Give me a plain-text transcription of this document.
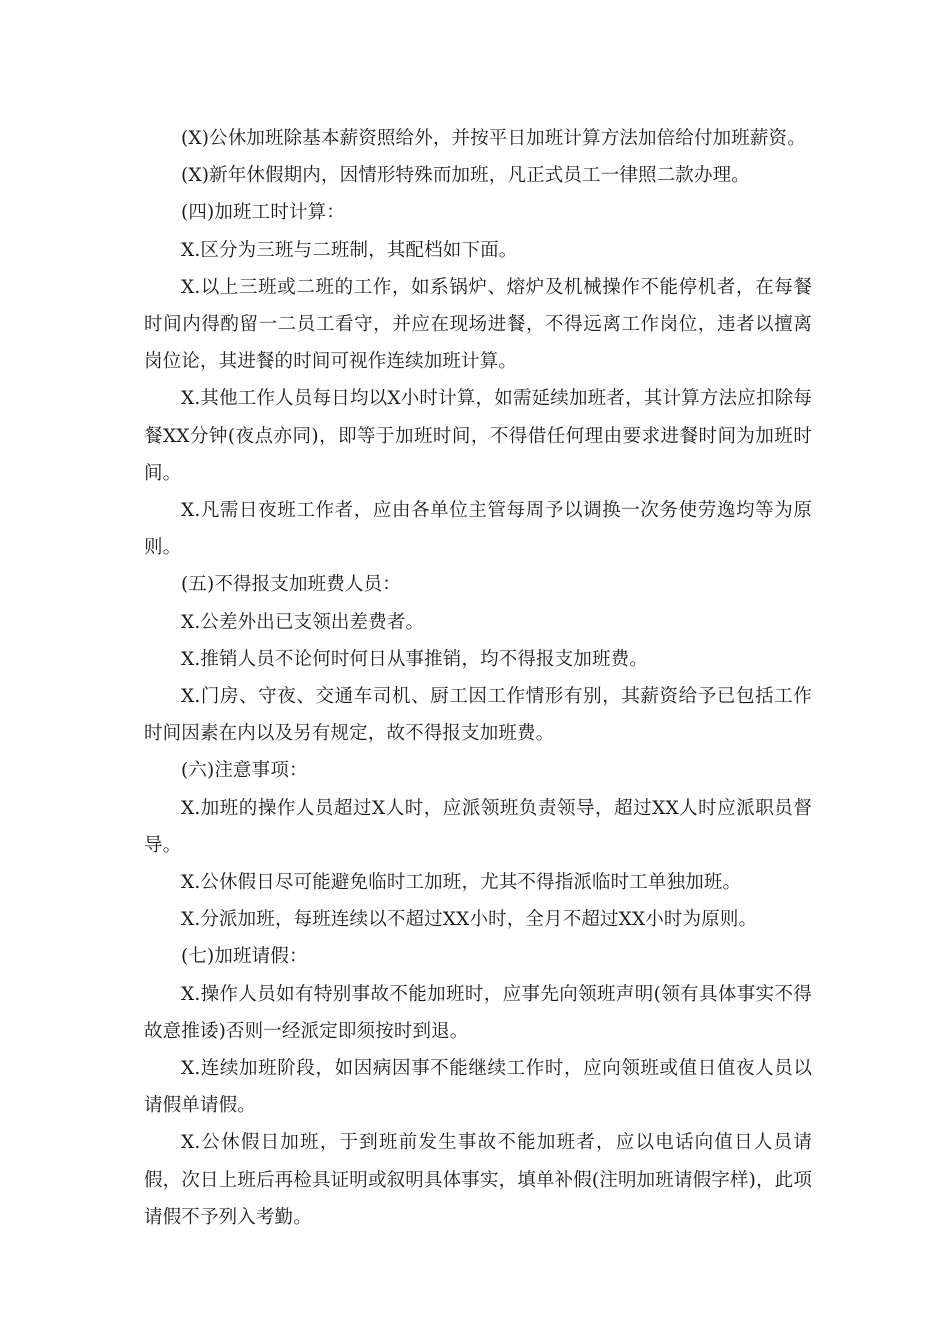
(X)公休加班除基本薪资照给外，并按平日加班计算方法加倍给付加班薪资。

(X)新年休假期内，因情形特殊而加班，凡正式员工一律照二款办理。

(四)加班工时计算：

X.区分为三班与二班制，其配档如下面。

X.以上三班或二班的工作，如系锅炉、熔炉及机械操作不能停机者，在每餐时间内得酌留一二员工看守，并应在现场进餐，不得远离工作岗位，违者以擅离岗位论，其进餐的时间可视作连续加班计算。

X.其他工作人员每日均以X小时计算，如需延续加班者，其计算方法应扣除每餐XX分钟(夜点亦同)，即等于加班时间，不得借任何理由要求进餐时间为加班时间。

X.凡需日夜班工作者，应由各单位主管每周予以调换一次务使劳逸均等为原则。

(五)不得报支加班费人员：

X.公差外出已支领出差费者。

X.推销人员不论何时何日从事推销，均不得报支加班费。

X.门房、守夜、交通车司机、厨工因工作情形有别，其薪资给予已包括工作时间因素在内以及另有规定，故不得报支加班费。

(六)注意事项：

X.加班的操作人员超过X人时，应派领班负责领导，超过XX人时应派职员督导。

X.公休假日尽可能避免临时工加班，尤其不得指派临时工单独加班。

X.分派加班，每班连续以不超过XX小时，全月不超过XX小时为原则。

(七)加班请假：

X.操作人员如有特别事故不能加班时，应事先向领班声明(领有具体事实不得故意推诿)否则一经派定即须按时到退。

X.连续加班阶段，如因病因事不能继续工作时，应向领班或值日值夜人员以请假单请假。

X.公休假日加班，于到班前发生事故不能加班者，应以电话向值日人员请假，次日上班后再检具证明或叙明具体事实，填单补假(注明加班请假字样)，此项请假不予列入考勤。
